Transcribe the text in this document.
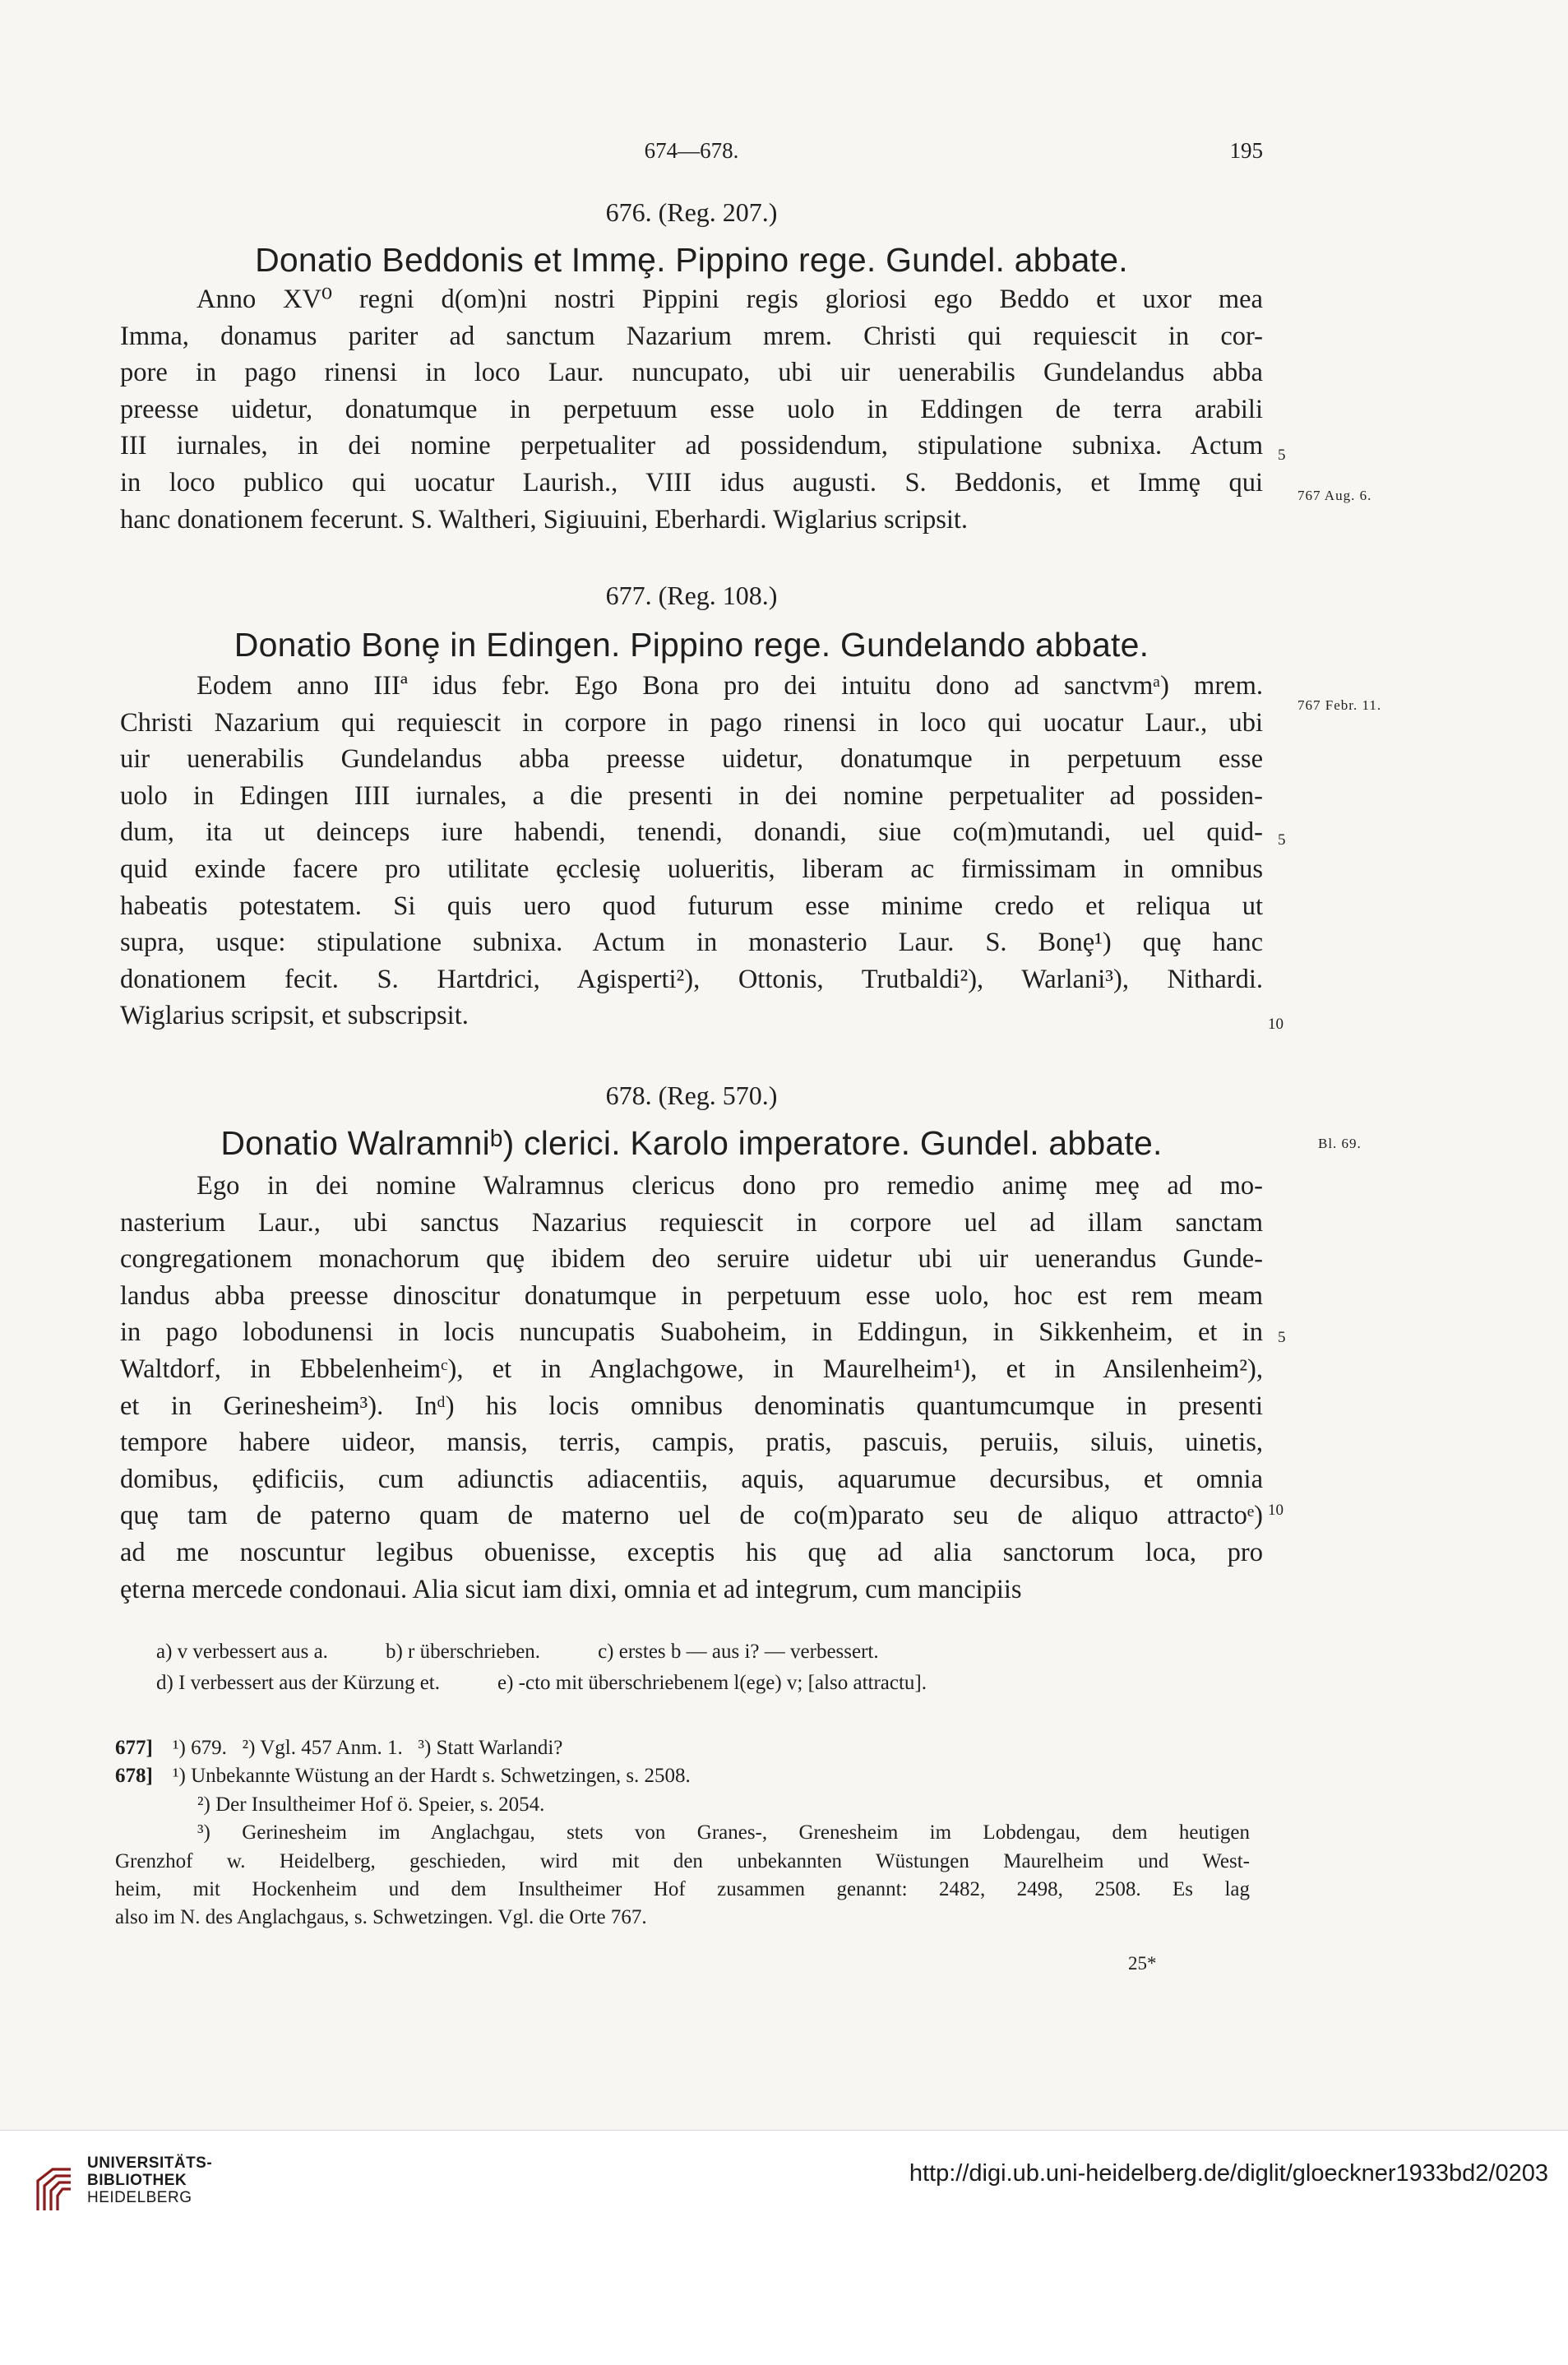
674—678.	195
676. (Reg. 207.)
Donatio Beddonis et Immȩ. Pippino rege. Gundel. abbate.
Anno XV⁰ regni d(om)ni nostri Pippini regis gloriosi ego Beddo et uxor mea
Imma, donamus pariter ad sanctum Nazarium mrem. Christi qui requiescit in cor-
pore in pago rinensi in loco Laur. nuncupato, ubi uir uenerabilis Gundelandus abba
preesse uidetur, donatumque in perpetuum esse uolo in Eddingen de terra arabili
III iurnales, in dei nomine perpetualiter ad possidendum, stipulatione subnixa. Actum
in loco publico qui uocatur Laurish., VIII idus augusti. S. Beddonis, et Immȩ qui
hanc donationem fecerunt. S. Waltheri, Sigiuuini, Eberhardi. Wiglarius scripsit.
5
767 Aug. 6.
677. (Reg. 108.)
Donatio Bonȩ in Edingen. Pippino rege. Gundelando abbate.
Eodem anno IIIª idus febr. Ego Bona pro dei intuitu dono ad sanctvmᵃ) mrem.
Christi Nazarium qui requiescit in corpore in pago rinensi in loco qui uocatur Laur., ubi
uir uenerabilis Gundelandus abba preesse uidetur, donatumque in perpetuum esse
uolo in Edingen IIII iurnales, a die presenti in dei nomine perpetualiter ad possiden-
dum, ita ut deinceps iure habendi, tenendi, donandi, siue co(m)mutandi, uel quid-
quid exinde facere pro utilitate ȩcclesiȩ uolueritis, liberam ac firmissimam in omnibus
habeatis potestatem. Si quis uero quod futurum esse minime credo et reliqua ut
supra, usque: stipulatione subnixa. Actum in monasterio Laur. S. Bonȩ¹) quȩ hanc
donationem fecit. S. Hartdrici, Agisperti²), Ottonis, Trutbaldi²), Warlani³), Nithardi.
Wiglarius scripsit, et subscripsit.
767 Febr. 11.
5
10
678. (Reg. 570.)
Donatio Walramniᵇ) clerici. Karolo imperatore. Gundel. abbate.
Ego in dei nomine Walramnus clericus dono pro remedio animȩ meȩ ad mo-
nasterium Laur., ubi sanctus Nazarius requiescit in corpore uel ad illam sanctam
congregationem monachorum quȩ ibidem deo seruire uidetur ubi uir uenerandus Gunde-
landus abba preesse dinoscitur donatumque in perpetuum esse uolo, hoc est rem meam
in pago lobodunensi in locis nuncupatis Suaboheim, in Eddingun, in Sikkenheim, et in
Waltdorf, in Ebbelenheimᶜ), et in Anglachgowe, in Maurelheim¹), et in Ansilenheim²),
et in Gerinesheim³). Inᵈ) his locis omnibus denominatis quantumcumque in presenti
tempore habere uideor, mansis, terris, campis, pratis, pascuis, peruiis, siluis, uinetis,
domibus, ȩdificiis, cum adiunctis adiacentiis, aquis, aquarumue decursibus, et omnia
quȩ tam de paterno quam de materno uel de co(m)parato seu de aliquo attractoᵉ)
ad me noscuntur legibus obuenisse, exceptis his quȩ ad alia sanctorum loca, pro
ȩterna mercede condonaui. Alia sicut iam dixi, omnia et ad integrum, cum mancipiis
Bl. 69.
5
10
a) v verbessert aus a.	b) r überschrieben.	c) erstes b — aus i? — verbessert.
d) I verbessert aus der Kürzung et.	e) -cto mit überschriebenem l(ege) v; [also attractu].
677] ¹) 679.   ²) Vgl. 457 Anm. 1.   ³) Statt Warlandi?
678] ¹) Unbekannte Wüstung an der Hardt s. Schwetzingen, s. 2508.
²) Der Insultheimer Hof ö. Speier, s. 2054.
³) Gerinesheim im Anglachgau, stets von Granes-, Grenesheim im Lobdengau, dem heutigen
Grenzhof w. Heidelberg, geschieden, wird mit den unbekannten Wüstungen Maurelheim und West-
heim, mit Hockenheim und dem Insultheimer Hof zusammen genannt: 2482, 2498, 2508. Es lag
also im N. des Anglachgaus, s. Schwetzingen. Vgl. die Orte 767.
25*
UNIVERSITÄTS-
BIBLIOTHEK
HEIDELBERG
http://digi.ub.uni-heidelberg.de/diglit/gloeckner1933bd2/0203
